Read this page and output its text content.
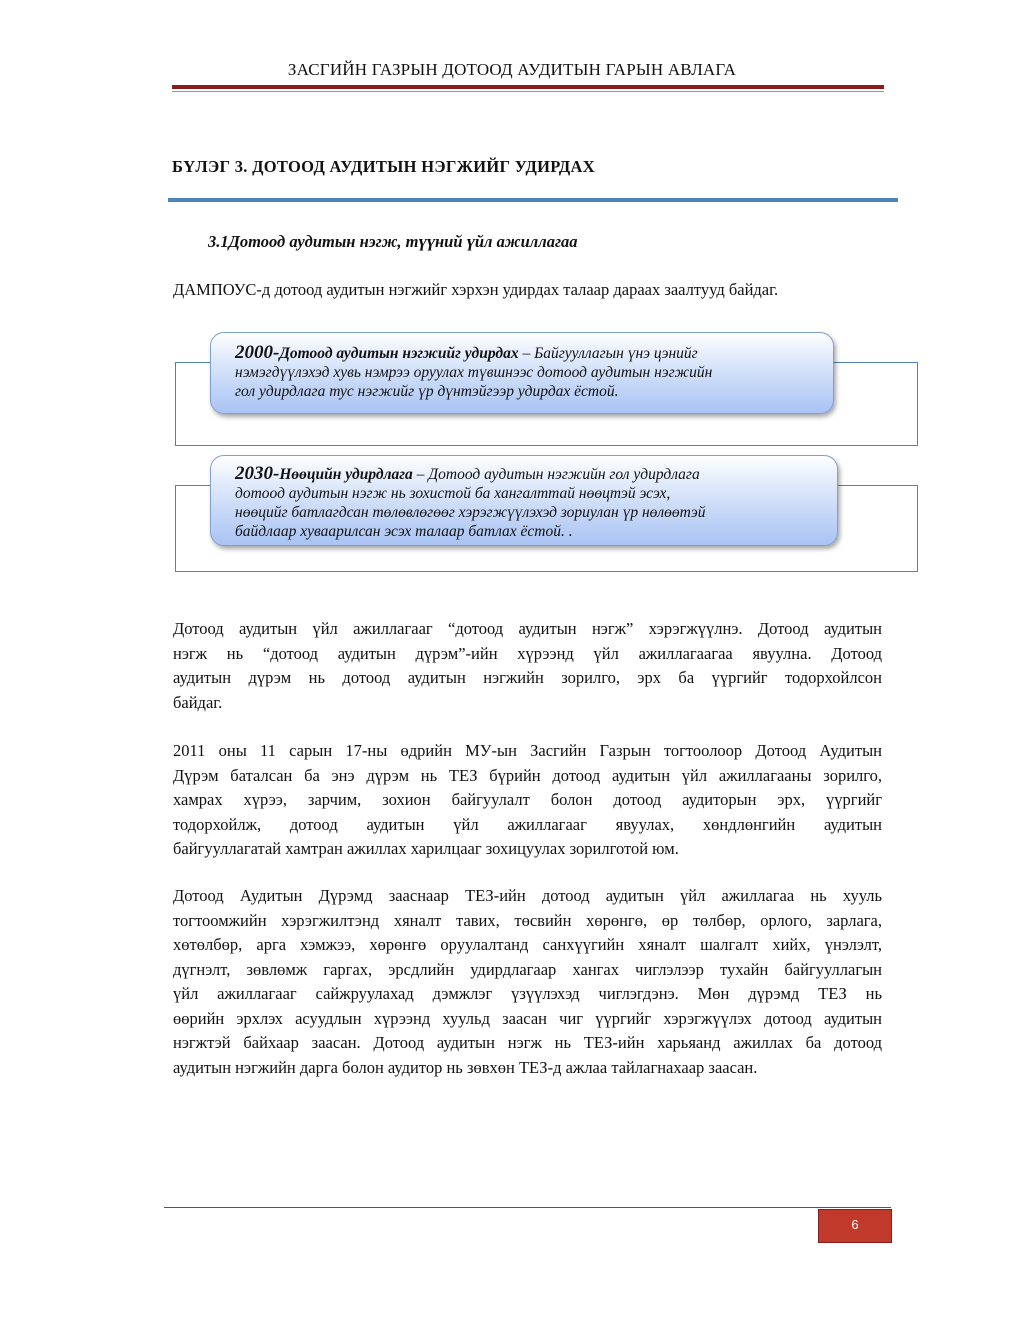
ЗАСГИЙН ГАЗРЫН ДОТООД АУДИТЫН ГАРЫН АВЛАГА
БҮЛЭГ 3. ДОТООД АУДИТЫН НЭГЖИЙГ УДИРДАХ
3.1Дотоод аудитын нэгж, түүний үйл ажиллагаа
ДАМПОУС-д дотоод аудитын нэгжийг хэрхэн удирдах талаар дараах заалтууд байдаг.
2000-Дотоод аудитын нэгжийг удирдах – Байгууллагын үнэ цэнийг
нэмэгдүүлэхэд хувь нэмрээ оруулах түвшнээс дотоод аудитын нэгжийн
гол удирдлага тус нэгжийг үр дүнтэйгээр удирдах ёстой.
2030-Нөөцийн удирдлага – Дотоод аудитын нэгжийн гол удирдлага
дотоод аудитын нэгж нь зохистой ба хангалттай нөөцтэй эсэх,
нөөцийг батлагдсан төлөвлөгөөг хэрэгжүүлэхэд зориулан үр нөлөөтэй
байдлаар хуваарилсан эсэх талаар батлах ёстой. .
Дотоод аудитын үйл ажиллагааг “дотоод аудитын нэгж” хэрэгжүүлнэ. Дотоод аудитын
нэгж нь “дотоод аудитын дүрэм”-ийн хүрээнд үйл ажиллагаагаа явуулна. Дотоод
аудитын дүрэм нь дотоод аудитын нэгжийн зорилго, эрх ба үүргийг тодорхойлсон
байдаг.
2011 оны 11 сарын 17-ны өдрийн МУ-ын Засгийн Газрын тогтоолоор Дотоод Аудитын
Дүрэм баталсан ба энэ дүрэм нь ТЕЗ бүрийн дотоод аудитын үйл ажиллагааны зорилго,
хамрах хүрээ, зарчим, зохион байгуулалт болон дотоод аудиторын эрх, үүргийг
тодорхойлж, дотоод аудитын үйл ажиллагааг явуулах, хөндлөнгийн аудитын
байгууллагатай хамтран ажиллах харилцааг зохицуулах зорилготой юм.
Дотоод Аудитын Дүрэмд зааснаар ТЕЗ-ийн дотоод аудитын үйл ажиллагаа нь хууль
тогтоомжийн хэрэгжилтэнд хяналт тавих, төсвийн хөрөнгө, өр төлбөр, орлого, зарлага,
хөтөлбөр, арга хэмжээ, хөрөнгө оруулалтанд санхүүгийн хяналт шалгалт хийх, үнэлэлт,
дүгнэлт, зөвлөмж гаргах, эрсдлийн удирдлагаар хангах чиглэлээр тухайн байгууллагын
үйл ажиллагааг сайжруулахад дэмжлэг үзүүлэхэд чиглэгдэнэ. Мөн дүрэмд ТЕЗ нь
өөрийн эрхлэх асуудлын хүрээнд хуульд заасан чиг үүргийг хэрэгжүүлэх дотоод аудитын
нэгжтэй байхаар заасан. Дотоод аудитын нэгж нь ТЕЗ-ийн харьяанд ажиллах ба дотоод
аудитын нэгжийн дарга болон аудитор нь зөвхөн ТЕЗ-д ажлаа тайлагнахаар заасан.
6
